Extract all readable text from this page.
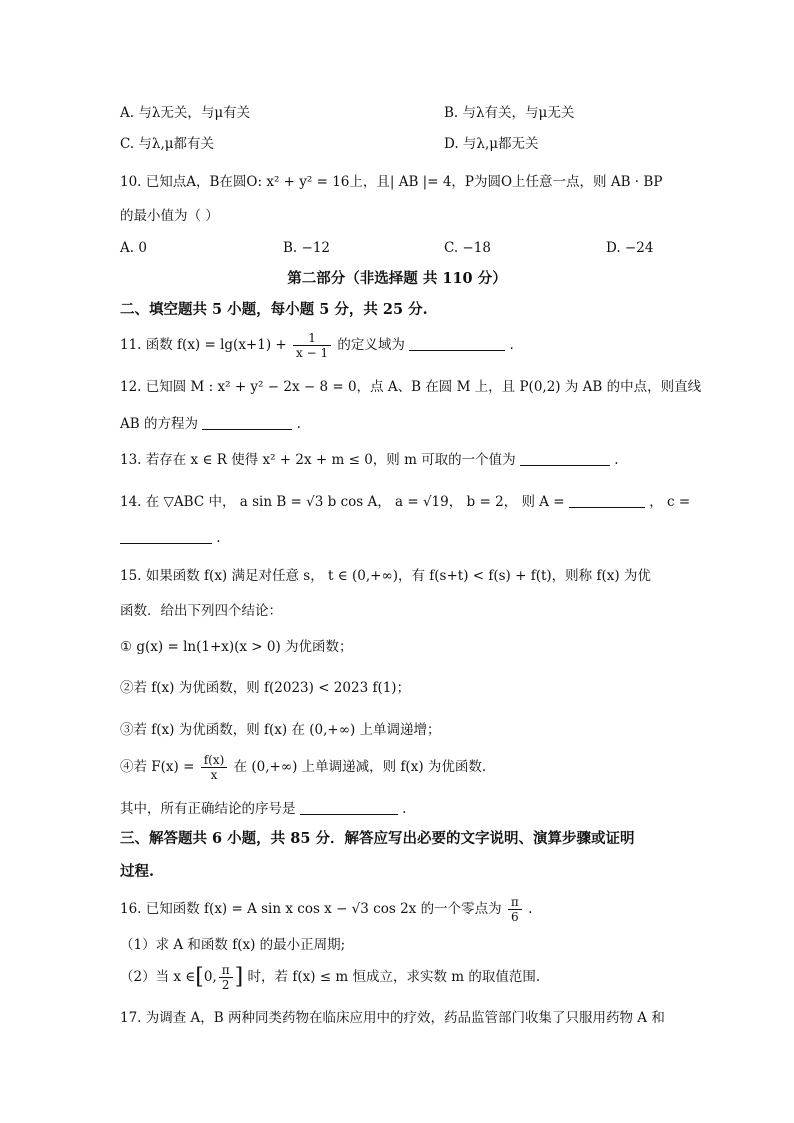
A. 与λ无关，与μ有关	B. 与λ有关，与μ无关
C. 与λ,μ都有关	D. 与λ,μ都无关
10. 已知点A，B在圆O: x² + y² = 16上，且| AB |= 4，P为圆O上任意一点，则 AB · BP
的最小值为（ ）
A. 0	B. −12	C. −18	D. −24
第二部分（非选择题 共 110 分）
二、填空题共 5 小题，每小题 5 分，共 25 分.
11. 函数 $f(x) = \lg(x+1) + \frac{1}{x - 1}$ 的定义域为	.
12. 已知圆 M : x² + y² − 2x − 8 = 0，点 A、B 在圆 M 上，且 P(0,2) 为 AB 的中点，则直线
AB 的方程为	.
13. 若存在 x ∈ R 使得 x² + 2x + m ≤ 0，则 m 可取的一个值为	.
14. 在 ▽ABC 中， a sin B = √3 b cos A， a = √19， b = 2， 则 A =	， c =
.
15. 如果函数 f(x) 满足对任意 s， t ∈ (0,+∞)，有 f(s+t) < f(s) + f(t)，则称 f(x) 为优
函数．给出下列四个结论：
① g(x) = ln(1+x)(x > 0) 为优函数；
②若 f(x) 为优函数，则 f(2023) < 2023 f(1)；
③若 f(x) 为优函数，则 f(x) 在 (0,+∞) 上单调递增；
④若 $F(x) = \frac{f(x)}{x}$ 在 (0,+∞) 上单调递减，则 f(x) 为优函数.
其中，所有正确结论的序号是	.
三、解答题共 6 小题，共 85 分．解答应写出必要的文字说明、演算步骤或证明
过程.
16. 已知函数 f(x) = A sin x cos x − √3 cos 2x 的一个零点为 $\frac{\pi}{6}$ .
（1）求 A 和函数 f(x) 的最小正周期;
（2）当 x ∈[0, $\frac{\pi}{2}$ ] 时，若 f(x) ≤ m 恒成立，求实数 m 的取值范围.
17. 为调查 A，B 两种同类药物在临床应用中的疗效，药品监管部门收集了只服用药物 A 和
